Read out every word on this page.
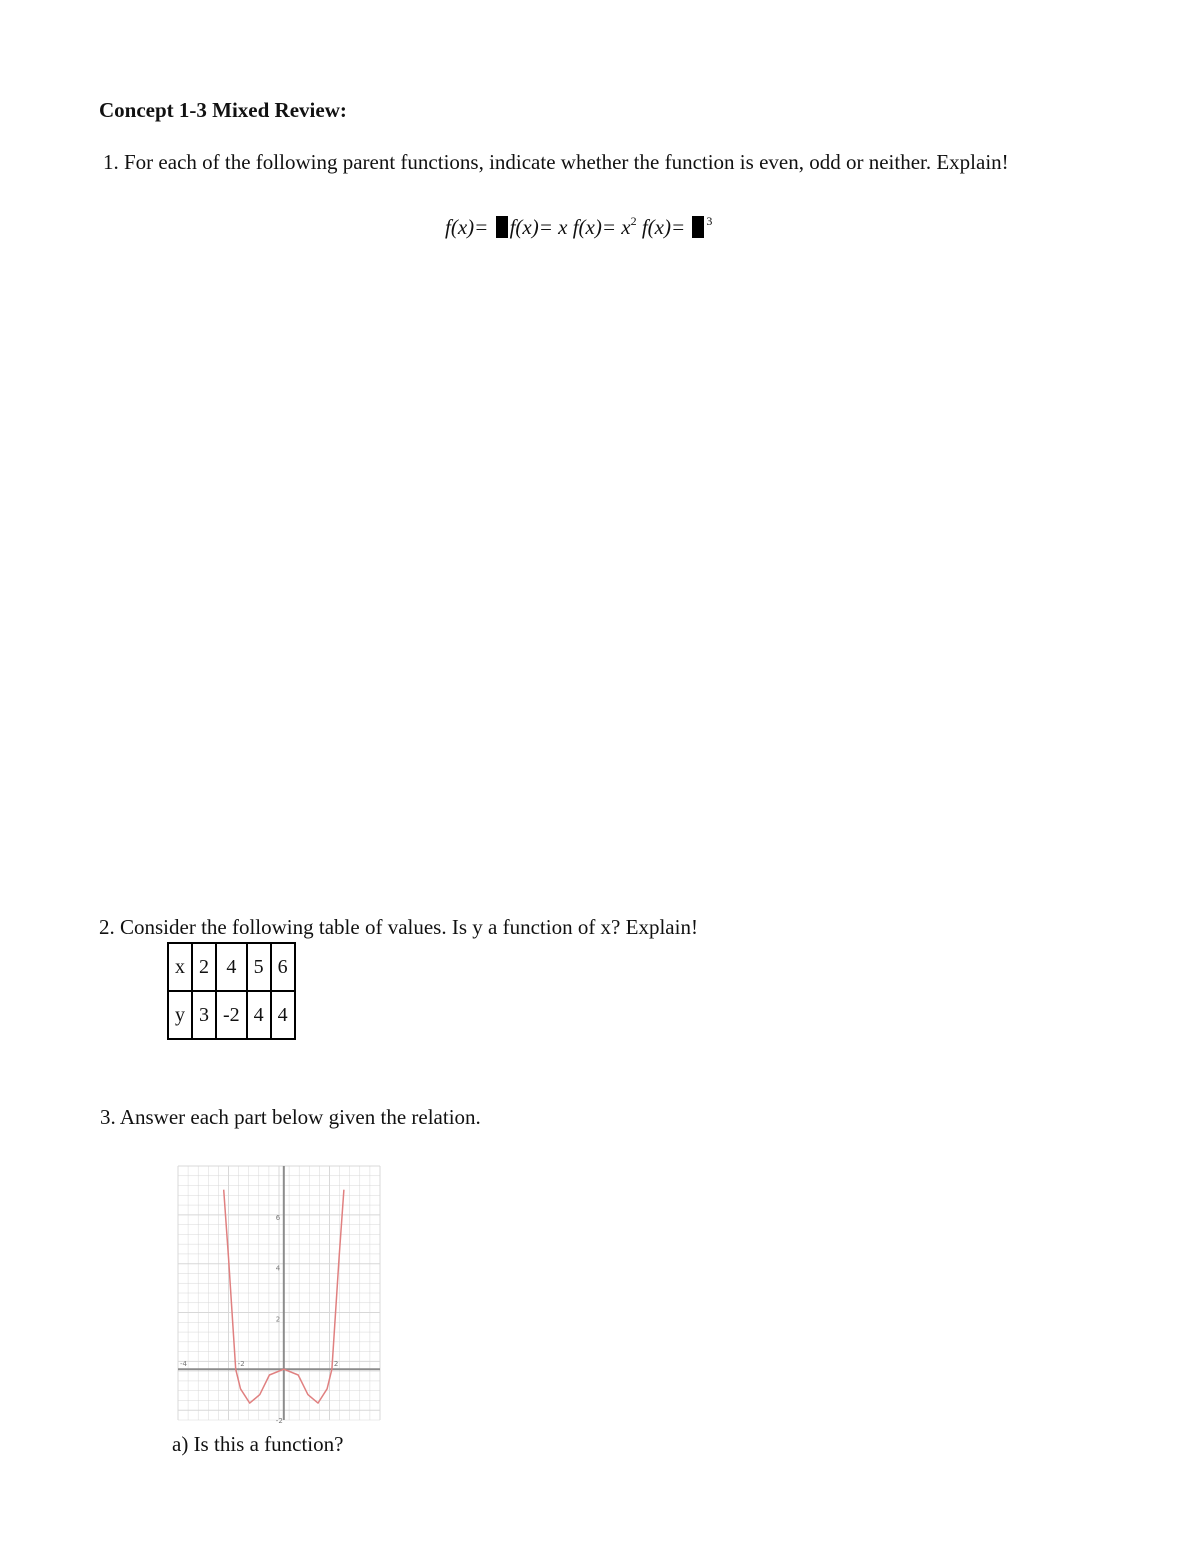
Concept 1-3 Mixed Review:
1. For each of the following parent functions, indicate whether the function is even, odd or neither. Explain!
f(x)= f(x)= x $f(x)= x^2$ f(x)= $^3$
2. Consider the following table of values. Is y a function of x? Explain!
x	2	4	5	6
y	3	-2	4	4
3. Answer each part below given the relation.
-4	-2	2
6
4
2
-2
a) Is this a function?
